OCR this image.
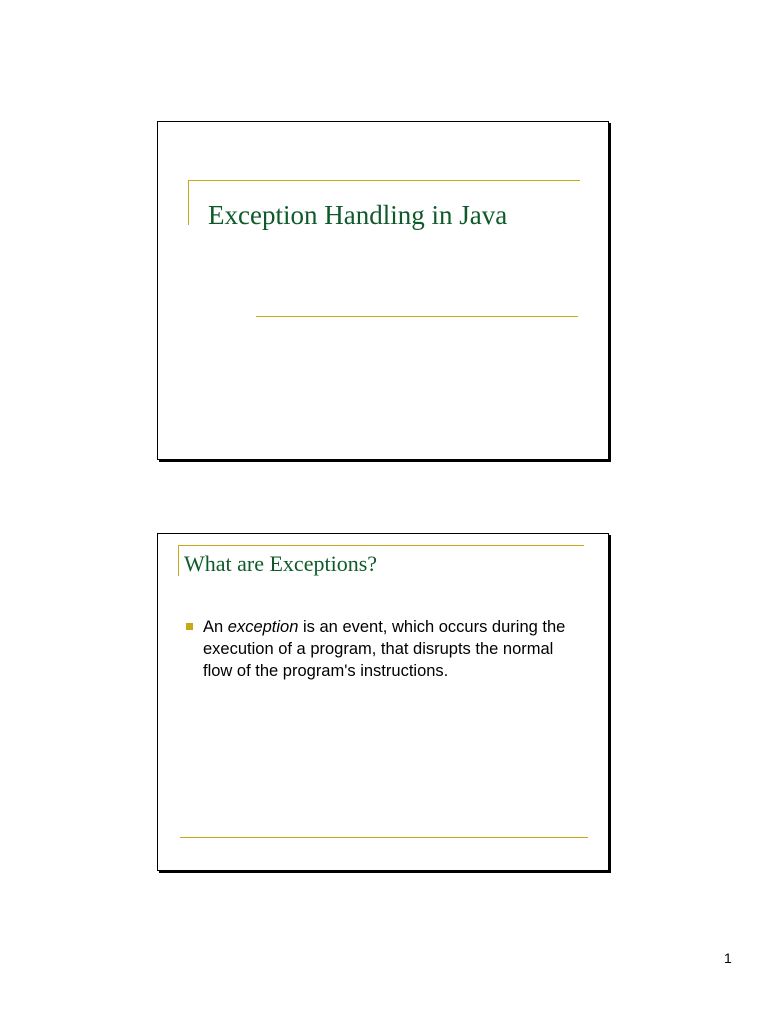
Exception Handling in Java
What are Exceptions?
An exception is an event, which occurs during the execution of a program, that disrupts the normal flow of the program's instructions.
1
